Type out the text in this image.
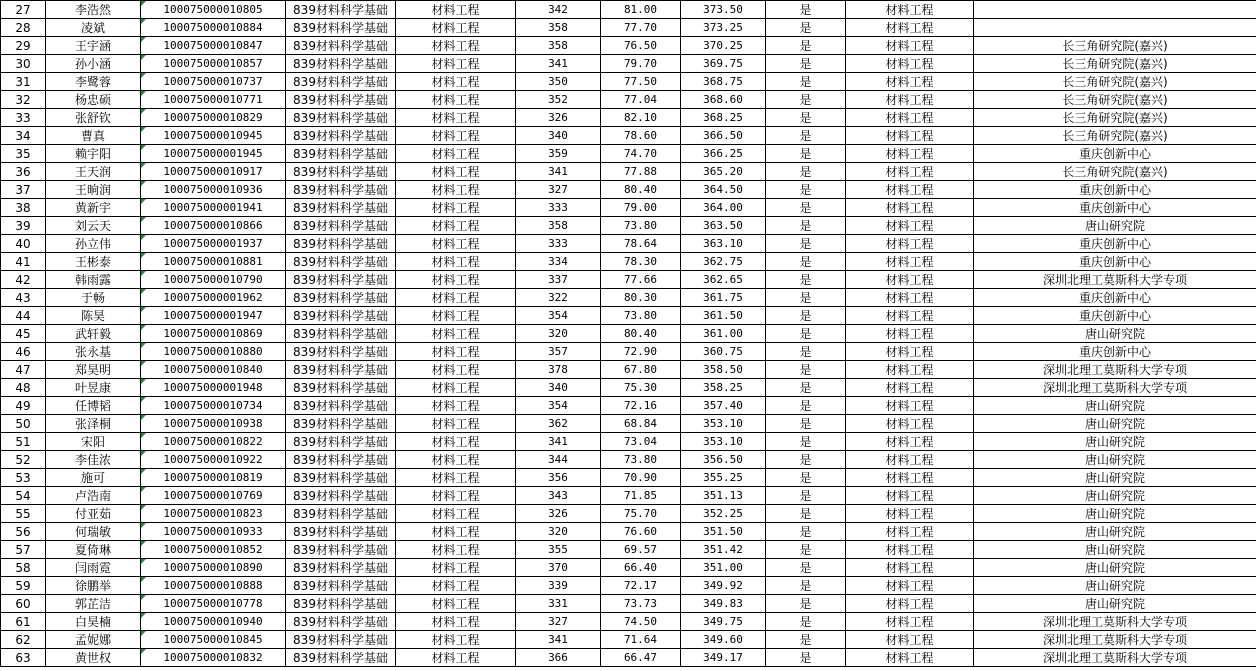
27	李浩然	100075000010805	839材料科学基础	材料工程	342	81.00	373.50	是	材料工程	
28	凌斌	100075000010884	839材料科学基础	材料工程	358	77.70	373.25	是	材料工程	
29	王宇涵	100075000010847	839材料科学基础	材料工程	358	76.50	370.25	是	材料工程	长三角研究院(嘉兴)
30	孙小涵	100075000010857	839材料科学基础	材料工程	341	79.70	369.75	是	材料工程	长三角研究院(嘉兴)
31	李鹭蓉	100075000010737	839材料科学基础	材料工程	350	77.50	368.75	是	材料工程	长三角研究院(嘉兴)
32	杨忠硕	100075000010771	839材料科学基础	材料工程	352	77.04	368.60	是	材料工程	长三角研究院(嘉兴)
33	张舒钦	100075000010829	839材料科学基础	材料工程	326	82.10	368.25	是	材料工程	长三角研究院(嘉兴)
34	曹真	100075000010945	839材料科学基础	材料工程	340	78.60	366.50	是	材料工程	长三角研究院(嘉兴)
35	赖宇阳	100075000001945	839材料科学基础	材料工程	359	74.70	366.25	是	材料工程	重庆创新中心
36	王天润	100075000010917	839材料科学基础	材料工程	341	77.88	365.20	是	材料工程	长三角研究院(嘉兴)
37	王晌润	100075000010936	839材料科学基础	材料工程	327	80.40	364.50	是	材料工程	重庆创新中心
38	黄新宇	100075000001941	839材料科学基础	材料工程	333	79.00	364.00	是	材料工程	重庆创新中心
39	刘云天	100075000010866	839材料科学基础	材料工程	358	73.80	363.50	是	材料工程	唐山研究院
40	孙立伟	100075000001937	839材料科学基础	材料工程	333	78.64	363.10	是	材料工程	重庆创新中心
41	王彬泰	100075000010881	839材料科学基础	材料工程	334	78.30	362.75	是	材料工程	重庆创新中心
42	韩雨露	100075000010790	839材料科学基础	材料工程	337	77.66	362.65	是	材料工程	深圳北理工莫斯科大学专项
43	于畅	100075000001962	839材料科学基础	材料工程	322	80.30	361.75	是	材料工程	重庆创新中心
44	陈昊	100075000001947	839材料科学基础	材料工程	354	73.80	361.50	是	材料工程	重庆创新中心
45	武轩毅	100075000010869	839材料科学基础	材料工程	320	80.40	361.00	是	材料工程	唐山研究院
46	张永基	100075000010880	839材料科学基础	材料工程	357	72.90	360.75	是	材料工程	重庆创新中心
47	郑昊明	100075000010840	839材料科学基础	材料工程	378	67.80	358.50	是	材料工程	深圳北理工莫斯科大学专项
48	叶昱康	100075000001948	839材料科学基础	材料工程	340	75.30	358.25	是	材料工程	深圳北理工莫斯科大学专项
49	任博韬	100075000010734	839材料科学基础	材料工程	354	72.16	357.40	是	材料工程	唐山研究院
50	张泽桐	100075000010938	839材料科学基础	材料工程	362	68.84	353.10	是	材料工程	唐山研究院
51	宋阳	100075000010822	839材料科学基础	材料工程	341	73.04	353.10	是	材料工程	唐山研究院
52	李佳浓	100075000010922	839材料科学基础	材料工程	344	73.80	356.50	是	材料工程	唐山研究院
53	施可	100075000010819	839材料科学基础	材料工程	356	70.90	355.25	是	材料工程	唐山研究院
54	卢浩南	100075000010769	839材料科学基础	材料工程	343	71.85	351.13	是	材料工程	唐山研究院
55	付亚茹	100075000010823	839材料科学基础	材料工程	326	75.70	352.25	是	材料工程	唐山研究院
56	何瑞敏	100075000010933	839材料科学基础	材料工程	320	76.60	351.50	是	材料工程	唐山研究院
57	夏倚琳	100075000010852	839材料科学基础	材料工程	355	69.57	351.42	是	材料工程	唐山研究院
58	闫雨霓	100075000010890	839材料科学基础	材料工程	370	66.40	351.00	是	材料工程	唐山研究院
59	徐鹏举	100075000010888	839材料科学基础	材料工程	339	72.17	349.92	是	材料工程	唐山研究院
60	郭芷洁	100075000010778	839材料科学基础	材料工程	331	73.73	349.83	是	材料工程	唐山研究院
61	白昊楠	100075000010940	839材料科学基础	材料工程	327	74.50	349.75	是	材料工程	深圳北理工莫斯科大学专项
62	孟妮娜	100075000010845	839材料科学基础	材料工程	341	71.64	349.60	是	材料工程	深圳北理工莫斯科大学专项
63	黄世权	100075000010832	839材料科学基础	材料工程	366	66.47	349.17	是	材料工程	深圳北理工莫斯科大学专项
